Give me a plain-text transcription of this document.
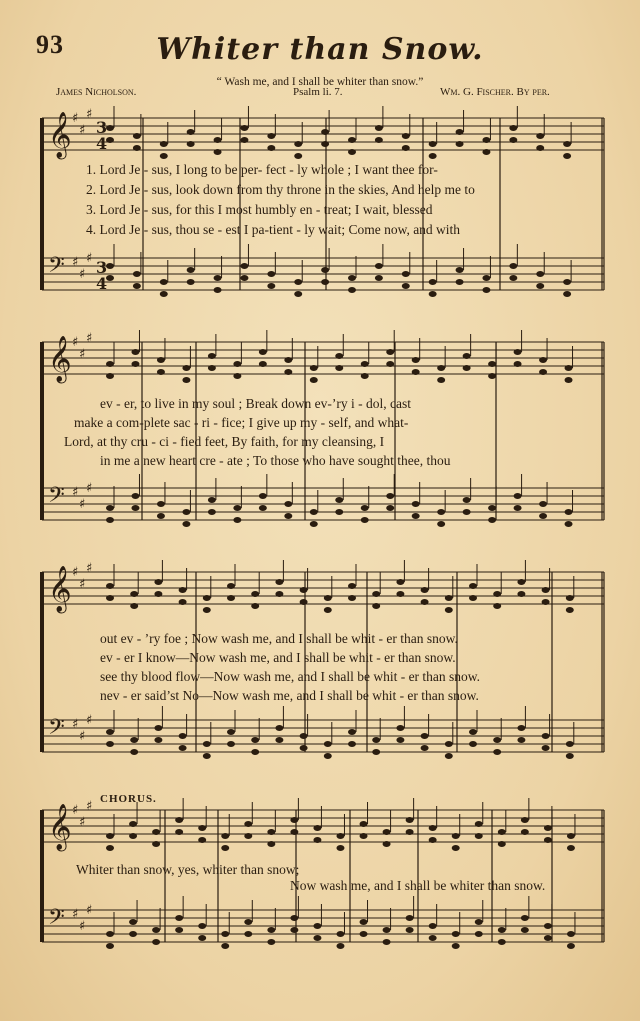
𝄞 ♯
♯
♯
𝄢 ♯
♯
♯
𝄞 ♯
♯
♯
𝄢 ♯
♯
♯
𝄞 ♯
♯
♯
𝄢 ♯
♯
♯
𝄞 ♯
♯
♯
𝄢 ♯
♯
♯
3
4
3
4
93	Whiter than Snow.
“ Wash me, and I shall be whiter than snow.”
James Nicholson.	Psalm li. 7.	Wm. G. Fischer. By per.
1. Lord Je - sus, I long to be per- fect - ly whole ; I want thee for-
2. Lord Je - sus, look down from thy throne in the skies, And help me to
3. Lord Je - sus, for this I most humbly en - treat; I wait, blessed
4. Lord Je - sus, thou se - est I pa-tient - ly wait; Come now, and with
ev - er, to live in my soul ; Break down ev-’ry i - dol, cast
make a com-plete sac - ri - fice; I give up my - self, and what-
Lord, at thy cru - ci - fied feet, By faith, for my cleansing, I
in me a new heart cre - ate ; To those who have sought thee, thou
out ev - ’ry foe ; Now wash me, and I shall be whit - er than snow.
ev - er I know—Now wash me, and I shall be whit - er than snow.
see thy blood flow—Now wash me, and I shall be whit - er than snow.
nev - er said’st No—Now wash me, and I shall be whit - er than snow.
CHORUS.
Whiter than snow, yes, whiter than snow;
Now wash me, and I shall be whiter than snow.
